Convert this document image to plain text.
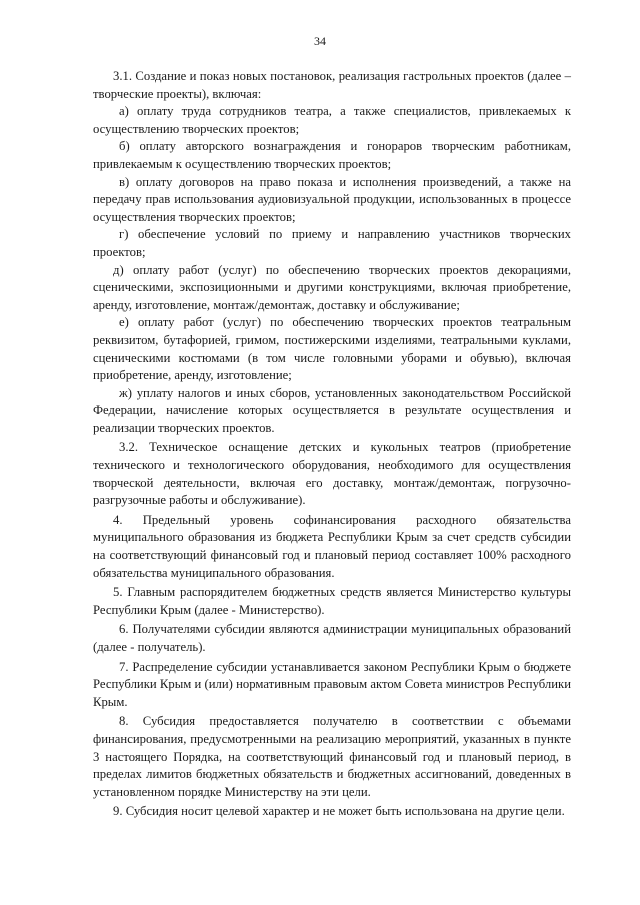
34

3.1. Создание и показ новых постановок, реализация гастрольных проектов (далее – творческие проекты), включая:

а) оплату труда сотрудников театра, а также специалистов, привлекаемых к осуществлению творческих проектов;

б) оплату авторского вознаграждения и гонораров творческим работникам, привлекаемым к осуществлению творческих проектов;

в) оплату договоров на право показа и исполнения произведений, а также на передачу прав использования аудиовизуальной продукции, использованных в процессе осуществления творческих проектов;

г) обеспечение условий по приему и направлению участников творческих проектов;

д) оплату работ (услуг) по обеспечению творческих проектов декорациями, сценическими, экспозиционными и другими конструкциями, включая приобретение, аренду, изготовление, монтаж/демонтаж, доставку и обслуживание;

е) оплату работ (услуг) по обеспечению творческих проектов театральным реквизитом, бутафорией, гримом, постижерскими изделиями, театральными куклами, сценическими костюмами (в том числе головными уборами и обувью), включая приобретение, аренду, изготовление;

ж) уплату налогов и иных сборов, установленных законодательством Российской Федерации, начисление которых осуществляется в результате осуществления и реализации творческих проектов.

3.2. Техническое оснащение детских и кукольных театров (приобретение технического и технологического оборудования, необходимого для осуществления творческой деятельности, включая его доставку, монтаж/демонтаж, погрузочно-разгрузочные работы и обслуживание).

4. Предельный уровень софинансирования расходного обязательства муниципального образования из бюджета Республики Крым за счет средств субсидии на соответствующий финансовый год и плановый период составляет 100% расходного обязательства муниципального образования.

5. Главным распорядителем бюджетных средств является Министерство культуры Республики Крым (далее - Министерство).

6. Получателями субсидии являются администрации муниципальных образований (далее - получатель).

7. Распределение субсидии устанавливается законом Республики Крым о бюджете Республики Крым и (или) нормативным правовым актом Совета министров Республики Крым.

8. Субсидия предоставляется получателю в соответствии с объемами финансирования, предусмотренными на реализацию мероприятий, указанных в пункте 3 настоящего Порядка, на соответствующий финансовый год и плановый период, в пределах лимитов бюджетных обязательств и бюджетных ассигнований, доведенных в установленном порядке Министерству на эти цели.

9. Субсидия носит целевой характер и не может быть использована на другие цели.
